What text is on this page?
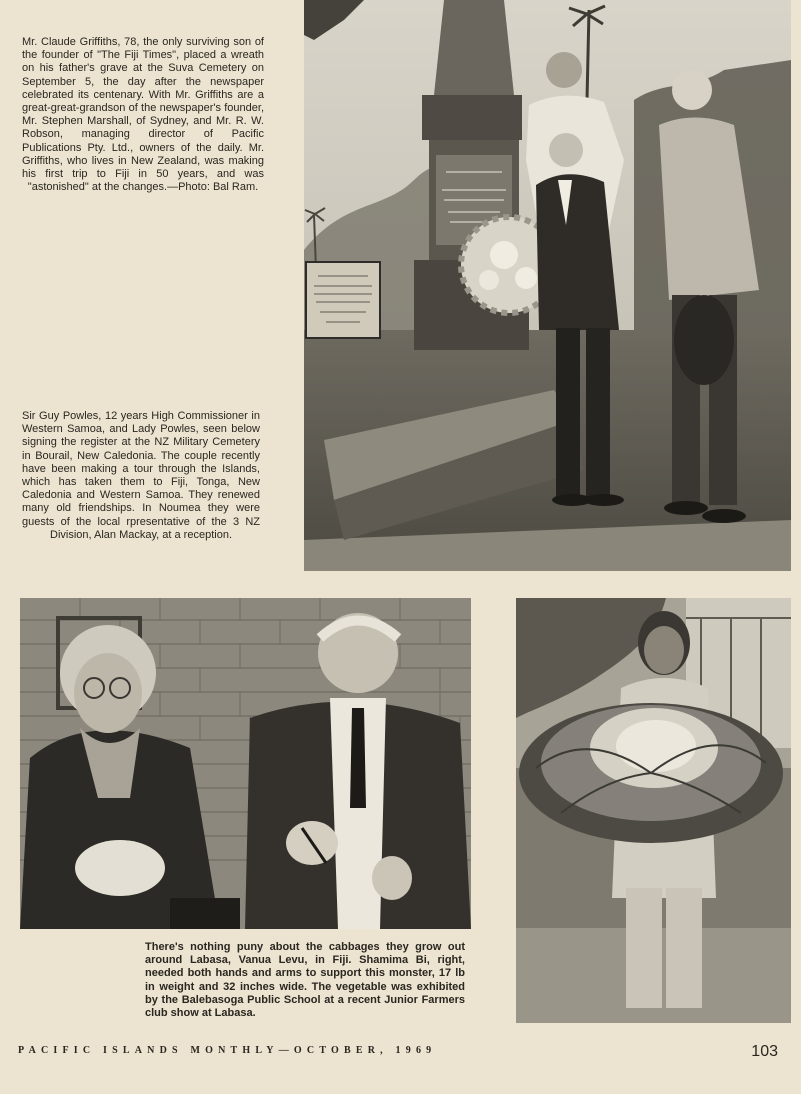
Mr. Claude Griffiths, 78, the only surviving son of the founder of "The Fiji Times", placed a wreath on his father's grave at the Suva Cemetery on September 5, the day after the newspaper celebrated its centenary. With Mr. Griffiths are a great-great-grandson of the newspaper's founder, Mr. Stephen Marshall, of Sydney, and Mr. R. W. Robson, managing director of Pacific Publications Pty. Ltd., owners of the daily. Mr. Griffiths, who lives in New Zealand, was making his first trip to Fiji in 50 years, and was "astonished" at the changes.—Photo: Bal Ram.

Sir Guy Powles, 12 years High Commissioner in Western Samoa, and Lady Powles, seen below signing the register at the NZ Military Cemetery in Bourail, New Caledonia. The couple recently have been making a tour through the Islands, which has taken them to Fiji, Tonga, New Caledonia and Western Samoa. They renewed many old friendships. In Noumea they were guests of the local rpresentative of the 3 NZ Division, Alan Mackay, at a reception.

There's nothing puny about the cabbages they grow out around Labasa, Vanua Levu, in Fiji. Shamima Bi, right, needed both hands and arms to support this monster, 17 lb in weight and 32 inches wide. The vegetable was exhibited by the Balebasoga Public School at a recent Junior Farmers club show at Labasa.

PACIFIC ISLANDS MONTHLY—OCTOBER, 1969	103
